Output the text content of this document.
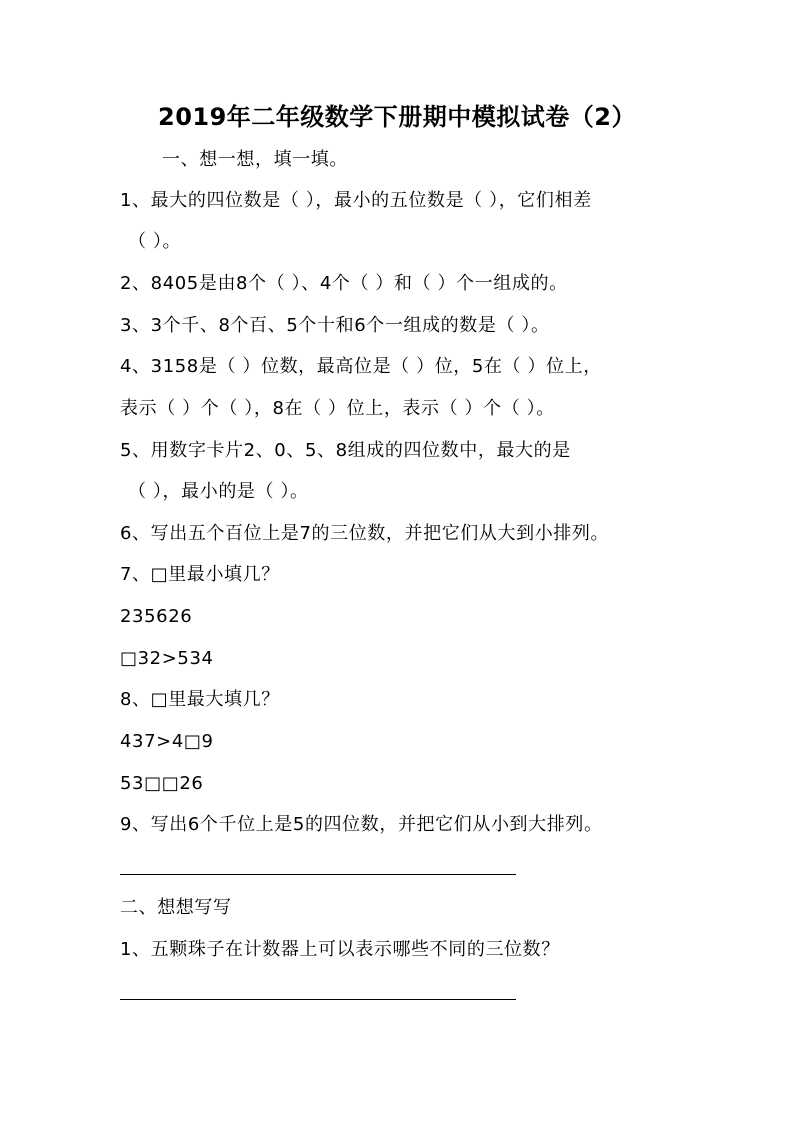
2019年二年级数学下册期中模拟试卷（2）
一、想一想，填一填。
1、最大的四位数是（ ），最小的五位数是（ ），它们相差
（ ）。
2、8405是由8个（ ）、4个（ ）和（ ）个一组成的。
3、3个千、8个百、5个十和6个一组成的数是（ ）。
4、3158是（ ）位数，最高位是（ ）位，5在（ ）位上，
表示（ ）个（ ），8在（ ）位上，表示（ ）个（ ）。
5、用数字卡片2、0、5、8组成的四位数中，最大的是
（ ），最小的是（ ）。
6、写出五个百位上是7的三位数，并把它们从大到小排列。
7、□里最小填几？
235626
□32>534
8、□里最大填几？
437>4□9
53□□26
9、写出6个千位上是5的四位数，并把它们从小到大排列。
二、想想写写
1、五颗珠子在计数器上可以表示哪些不同的三位数？
